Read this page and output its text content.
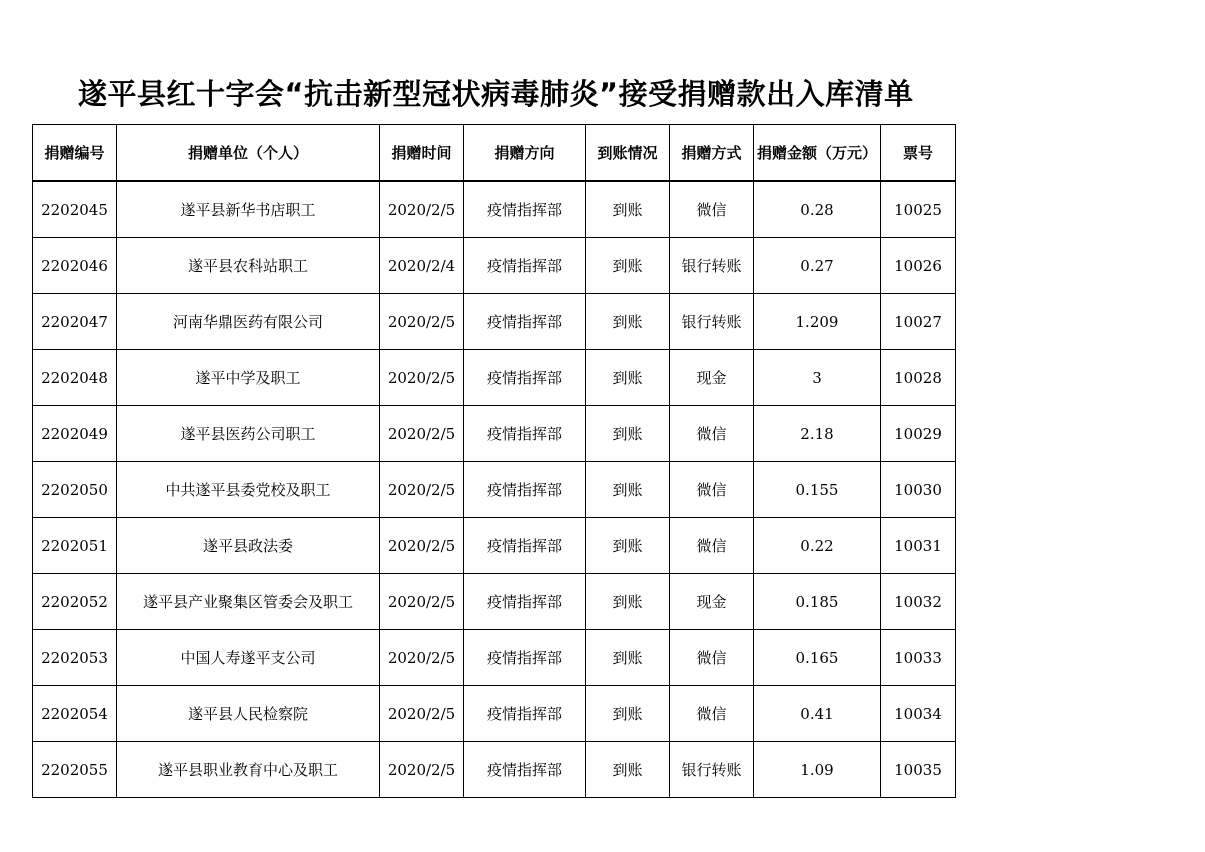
遂平县红十字会“抗击新型冠状病毒肺炎”接受捐赠款出入库清单
捐赠编号	捐赠单位（个人）	捐赠时间	捐赠方向	到账情况	捐赠方式	捐赠金额（万元）	票号
2202045	遂平县新华书店职工	2020/2/5	疫情指挥部	到账	微信	0.28	10025
2202046	遂平县农科站职工	2020/2/4	疫情指挥部	到账	银行转账	0.27	10026
2202047	河南华鼎医药有限公司	2020/2/5	疫情指挥部	到账	银行转账	1.209	10027
2202048	遂平中学及职工	2020/2/5	疫情指挥部	到账	现金	3	10028
2202049	遂平县医药公司职工	2020/2/5	疫情指挥部	到账	微信	2.18	10029
2202050	中共遂平县委党校及职工	2020/2/5	疫情指挥部	到账	微信	0.155	10030
2202051	遂平县政法委	2020/2/5	疫情指挥部	到账	微信	0.22	10031
2202052	遂平县产业聚集区管委会及职工	2020/2/5	疫情指挥部	到账	现金	0.185	10032
2202053	中国人寿遂平支公司	2020/2/5	疫情指挥部	到账	微信	0.165	10033
2202054	遂平县人民检察院	2020/2/5	疫情指挥部	到账	微信	0.41	10034
2202055	遂平县职业教育中心及职工	2020/2/5	疫情指挥部	到账	银行转账	1.09	10035
